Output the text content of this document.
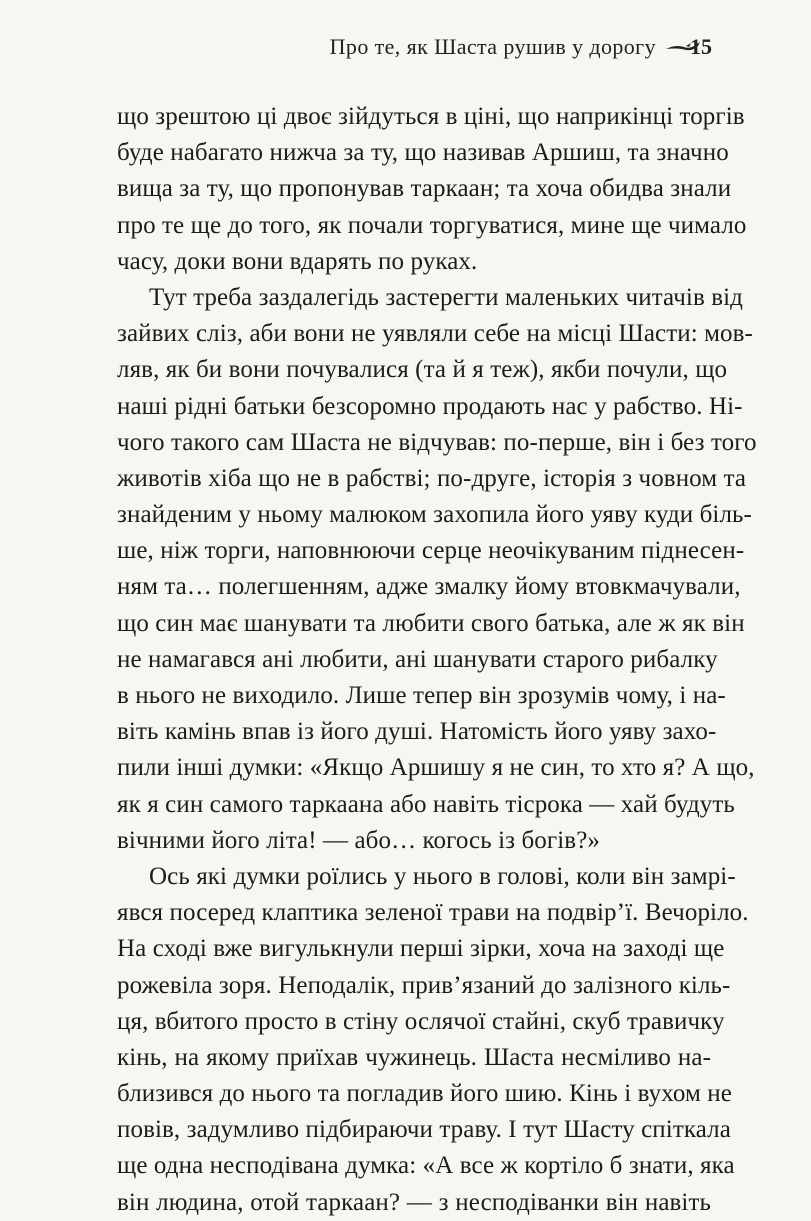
Про те, як Шаста рушив у дорогу 15
що зрештою ці двоє зійдуться в ціні, що наприкінці торгів
буде набагато нижча за ту, що називав Аршиш, та значно
вища за ту, що пропонував таркаан; та хоча обидва знали
про те ще до того, як почали торгуватися, мине ще чимало
часу, доки вони вдарять по руках.
Тут треба заздалегідь застерегти маленьких читачів від
зайвих сліз, аби вони не уявляли себе на місці Шасти: мов-
ляв, як би вони почувалися (та й я теж), якби почули, що
наші рідні батьки безсоромно продають нас у рабство. Ні-
чого такого сам Шаста не відчував: по-перше, він і без того
животів хіба що не в рабстві; по-друге, історія з човном та
знайденим у ньому малюком захопила його уяву куди біль-
ше, ніж торги, наповнюючи серце неочікуваним піднесен-
ням та… полегшенням, адже змалку йому втовкмачували,
що син має шанувати та любити свого батька, але ж як він
не намагався ані любити, ані шанувати старого рибалку
в нього не виходило. Лише тепер він зрозумів чому, і на-
віть камінь впав із його душі. Натомість його уяву захо-
пили інші думки: «Якщо Аршишу я не син, то хто я? А що,
як я син самого таркаана або навіть тісрока — хай будуть
вічними його літа! — або… когось із богів?»
Ось які думки роїлись у нього в голові, коли він замрі-
явся посеред клаптика зеленої трави на подвір’ї. Вечоріло.
На сході вже вигулькнули перші зірки, хоча на заході ще
рожевіла зоря. Неподалік, прив’язаний до залізного кіль-
ця, вбитого просто в стіну ослячої стайні, скуб травичку
кінь, на якому приїхав чужинець. Шаста несміливо на-
близився до нього та погладив його шию. Кінь і вухом не
повів, задумливо підбираючи траву. І тут Шасту спіткала
ще одна несподівана думка: «А все ж кортіло б знати, яка
він людина, отой таркаан? — з несподіванки він навіть
